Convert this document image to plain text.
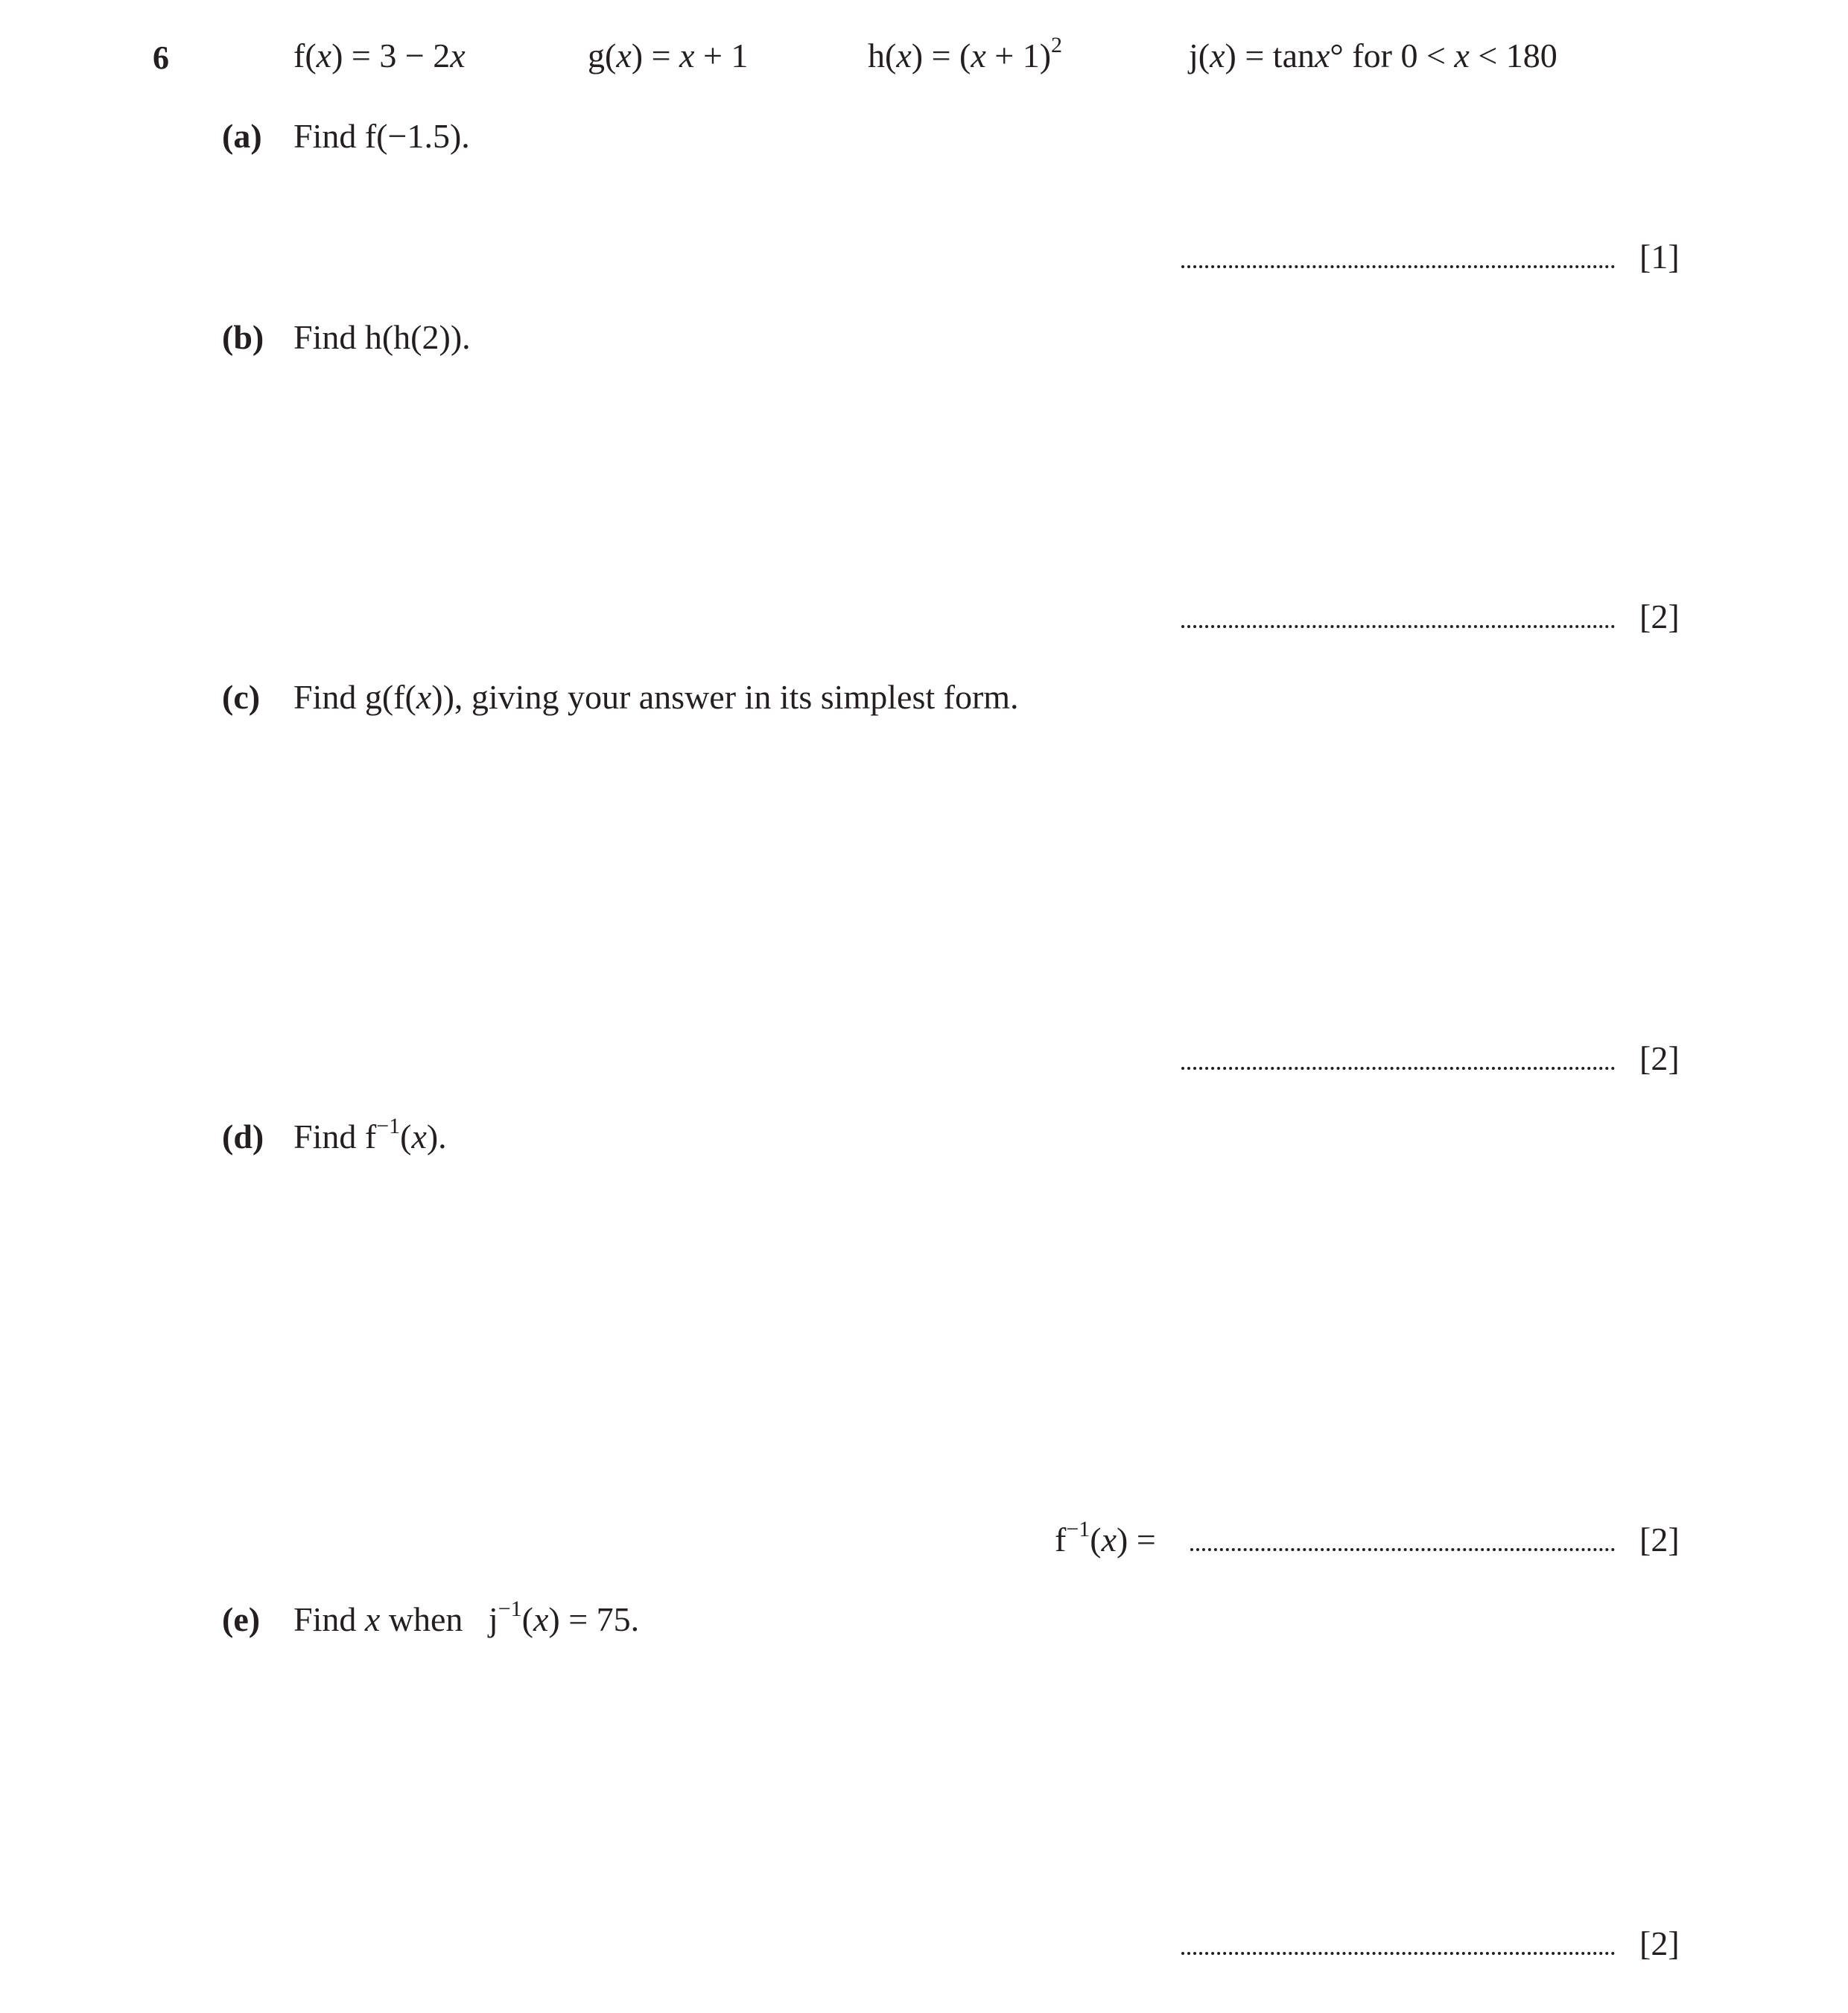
6	f(x) = 3 − 2x	g(x) = x + 1	$h(x) = (x + 1)^2$	j(x) = tanx° for 0 < x < 180
(a) Find f(−1.5).
[1]
(b) Find h(h(2)).
[2]
(c) Find g(f(x)), giving your answer in its simplest form.
[2]
(d) Find $f^{-1}(x)$.
$f^{-1}(x)$ =	[2]
(e) Find x when   $j^{-1}(x) = 75$.
[2]
